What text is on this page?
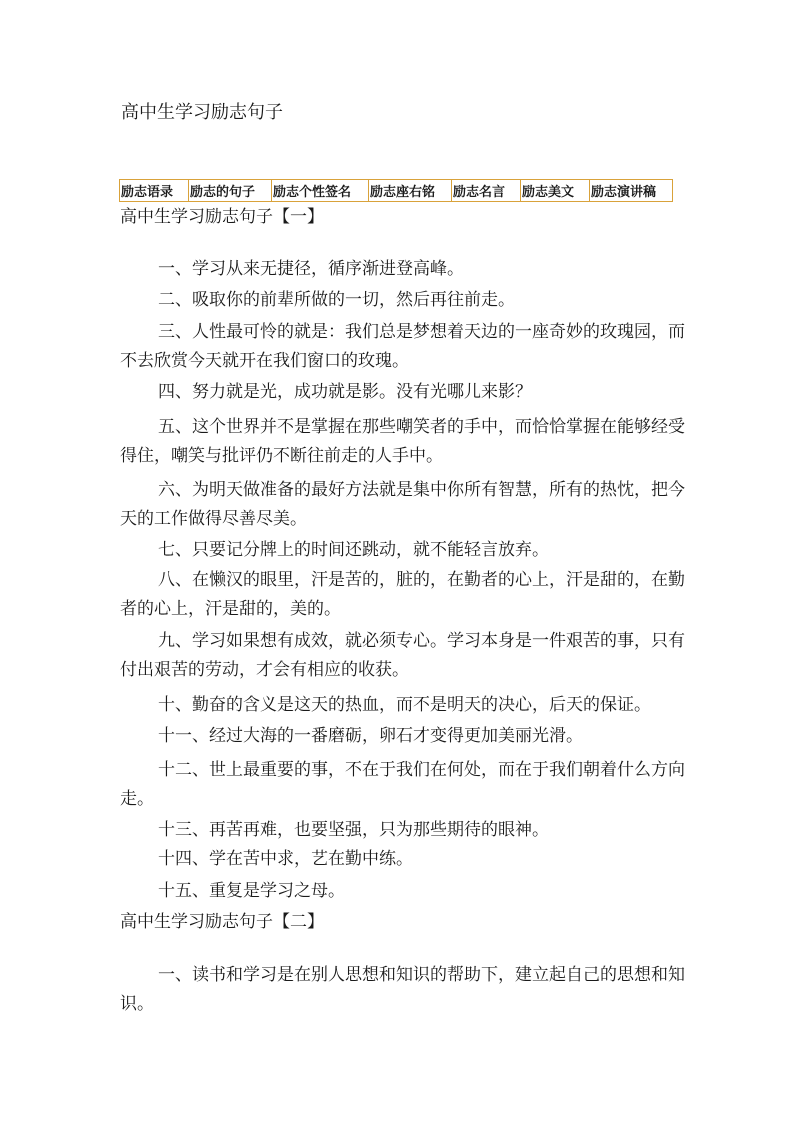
高中生学习励志句子
励志语录	励志的句子	励志个性签名	励志座右铭	励志名言	励志美文	励志演讲稿
高中生学习励志句子【一】

一、学习从来无捷径，循序渐进登高峰。

二、吸取你的前辈所做的一切，然后再往前走。

三、人性最可怜的就是：我们总是梦想着天边的一座奇妙的玫瑰园，而不去欣赏今天就开在我们窗口的玫瑰。

四、努力就是光，成功就是影。没有光哪儿来影？

五、这个世界并不是掌握在那些嘲笑者的手中，而恰恰掌握在能够经受得住，嘲笑与批评仍不断往前走的人手中。

六、为明天做准备的最好方法就是集中你所有智慧，所有的热忱，把今天的工作做得尽善尽美。

七、只要记分牌上的时间还跳动，就不能轻言放弃。

八、在懒汉的眼里，汗是苦的，脏的，在勤者的心上，汗是甜的，在勤者的心上，汗是甜的，美的。

九、学习如果想有成效，就必须专心。学习本身是一件艰苦的事，只有付出艰苦的劳动，才会有相应的收获。

十、勤奋的含义是这天的热血，而不是明天的决心，后天的保证。

十一、经过大海的一番磨砺，卵石才变得更加美丽光滑。

十二、世上最重要的事，不在于我们在何处，而在于我们朝着什么方向走。

十三、再苦再难，也要坚强，只为那些期待的眼神。

十四、学在苦中求，艺在勤中练。

十五、重复是学习之母。

高中生学习励志句子【二】

一、读书和学习是在别人思想和知识的帮助下，建立起自己的思想和知识。
